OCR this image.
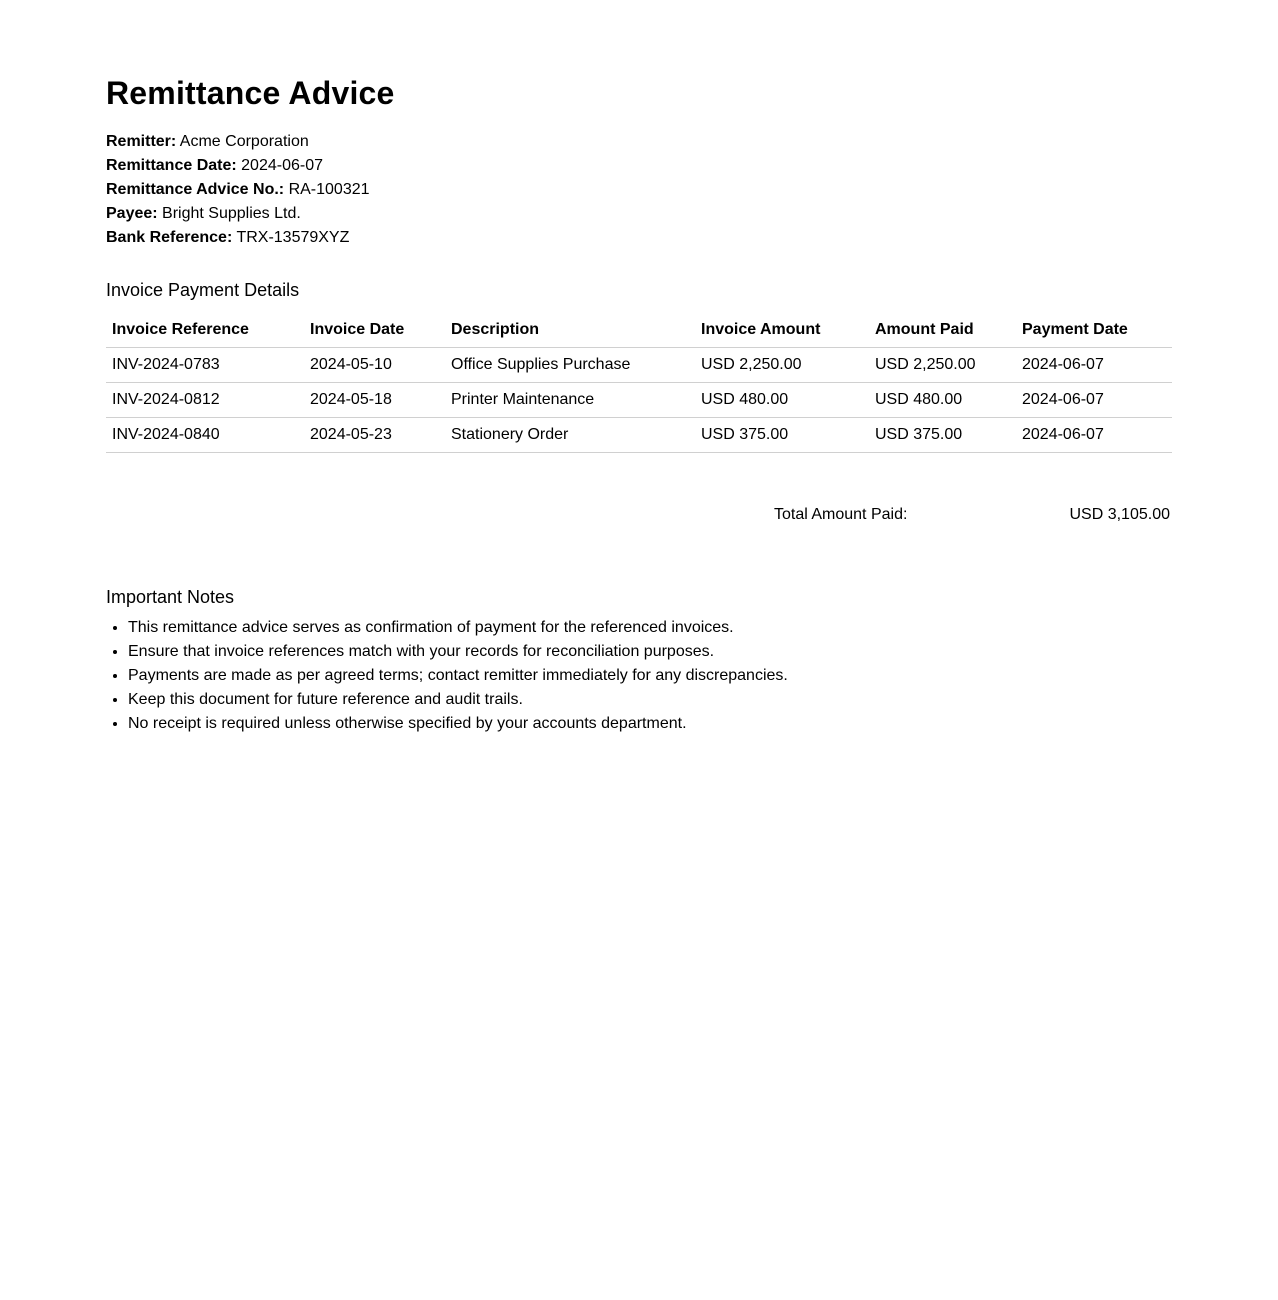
Remittance Advice
Remitter: Acme Corporation
Remittance Date: 2024-06-07
Remittance Advice No.: RA-100321
Payee: Bright Supplies Ltd.
Bank Reference: TRX-13579XYZ
Invoice Payment Details
Invoice Reference	Invoice Date	Description	Invoice Amount	Amount Paid	Payment Date
INV-2024-0783	2024-05-10	Office Supplies Purchase	USD 2,250.00	USD 2,250.00	2024-06-07
INV-2024-0812	2024-05-18	Printer Maintenance	USD 480.00	USD 480.00	2024-06-07
INV-2024-0840	2024-05-23	Stationery Order	USD 375.00	USD 375.00	2024-06-07
Total Amount Paid:	USD 3,105.00
Important Notes
• This remittance advice serves as confirmation of payment for the referenced invoices.
• Ensure that invoice references match with your records for reconciliation purposes.
• Payments are made as per agreed terms; contact remitter immediately for any discrepancies.
• Keep this document for future reference and audit trails.
• No receipt is required unless otherwise specified by your accounts department.
